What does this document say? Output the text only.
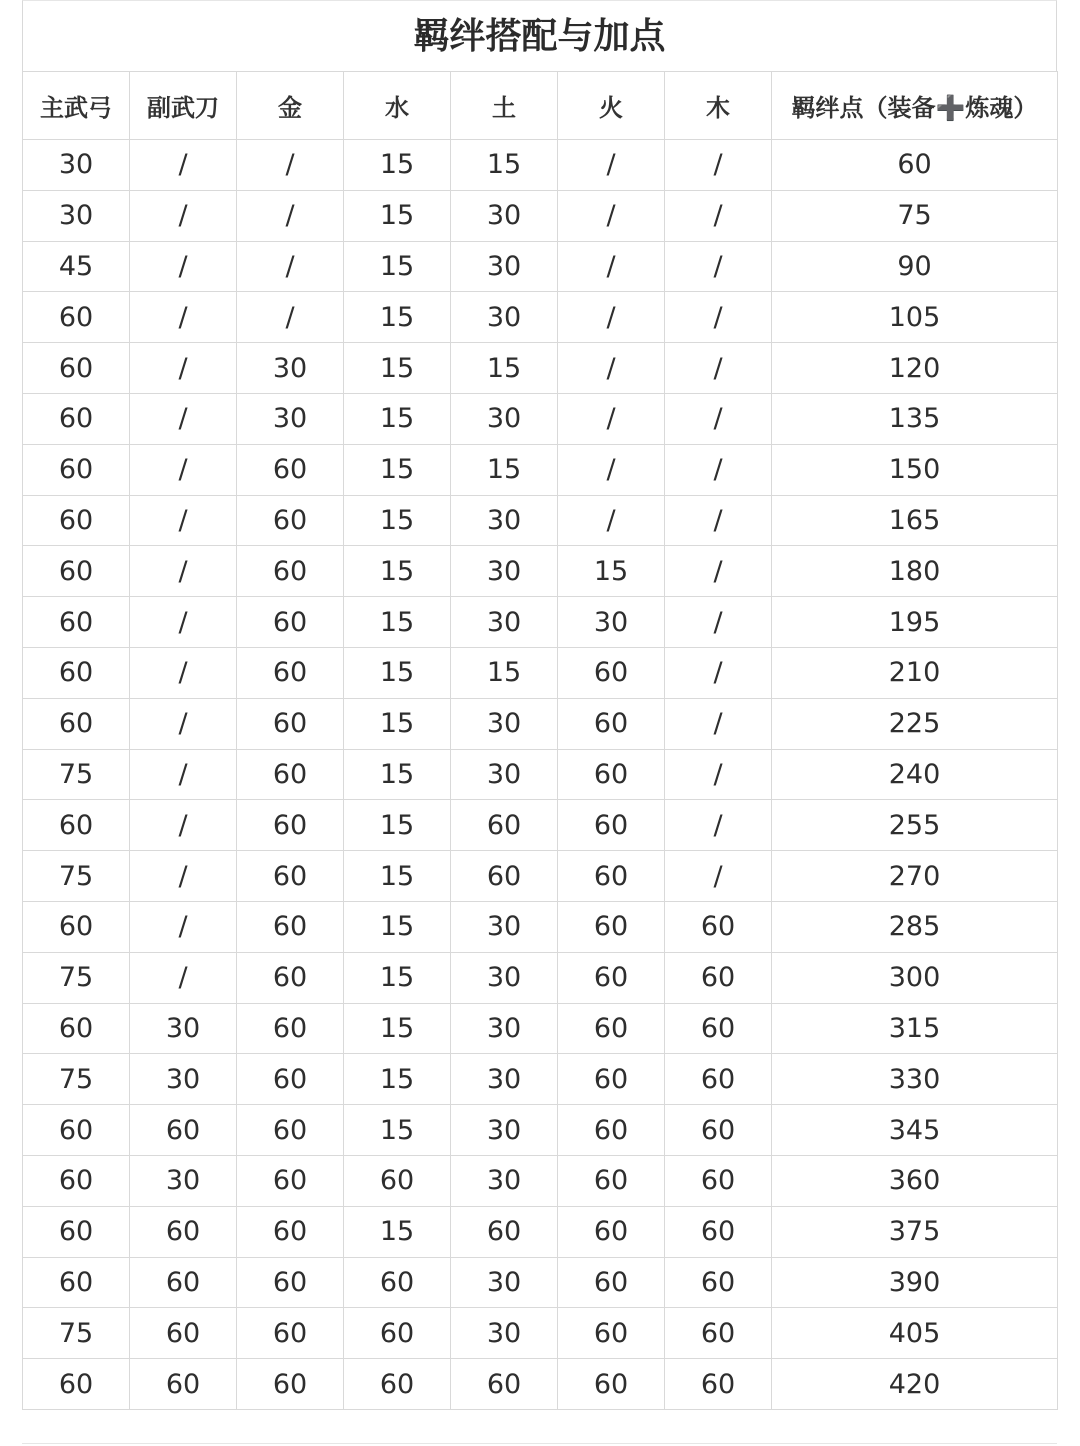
羁绊搭配与加点
主武弓	副武刀	金	水	土	火	木	羁绊点（装备➕炼魂）
30	/	/	15	15	/	/	60
30	/	/	15	30	/	/	75
45	/	/	15	30	/	/	90
60	/	/	15	30	/	/	105
60	/	30	15	15	/	/	120
60	/	30	15	30	/	/	135
60	/	60	15	15	/	/	150
60	/	60	15	30	/	/	165
60	/	60	15	30	15	/	180
60	/	60	15	30	30	/	195
60	/	60	15	15	60	/	210
60	/	60	15	30	60	/	225
75	/	60	15	30	60	/	240
60	/	60	15	60	60	/	255
75	/	60	15	60	60	/	270
60	/	60	15	30	60	60	285
75	/	60	15	30	60	60	300
60	30	60	15	30	60	60	315
75	30	60	15	30	60	60	330
60	60	60	15	30	60	60	345
60	30	60	60	30	60	60	360
60	60	60	15	60	60	60	375
60	60	60	60	30	60	60	390
75	60	60	60	30	60	60	405
60	60	60	60	60	60	60	420
